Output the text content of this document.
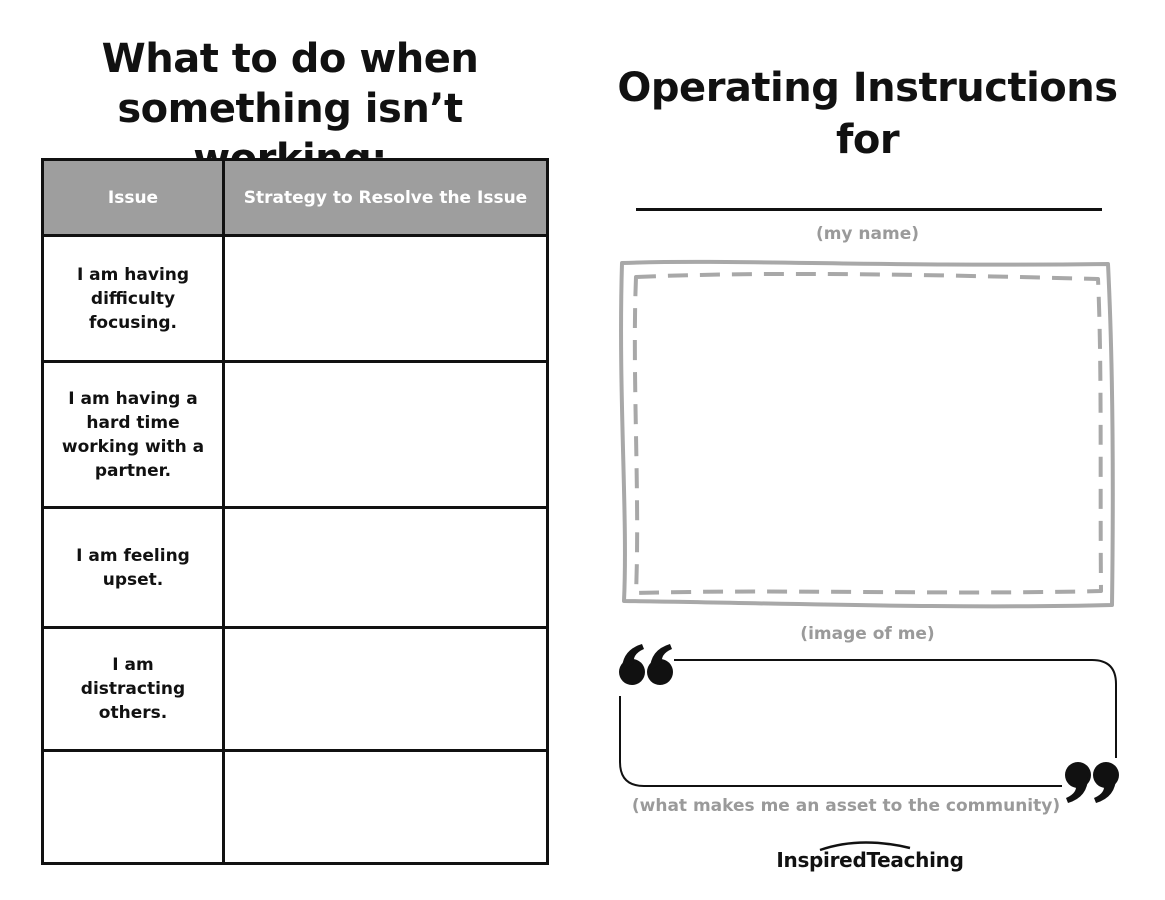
What to do when
something isn’t
Issue	Strategy to Resolve the Issue
I am having difficulty focusing.	
I am having a hard time working with a partner.	
I am feeling upset.	
I am distracting others.	

Operating Instructions
for
(my name)
(image of me)
(what makes me an asset to the community)
InspiredTeaching
